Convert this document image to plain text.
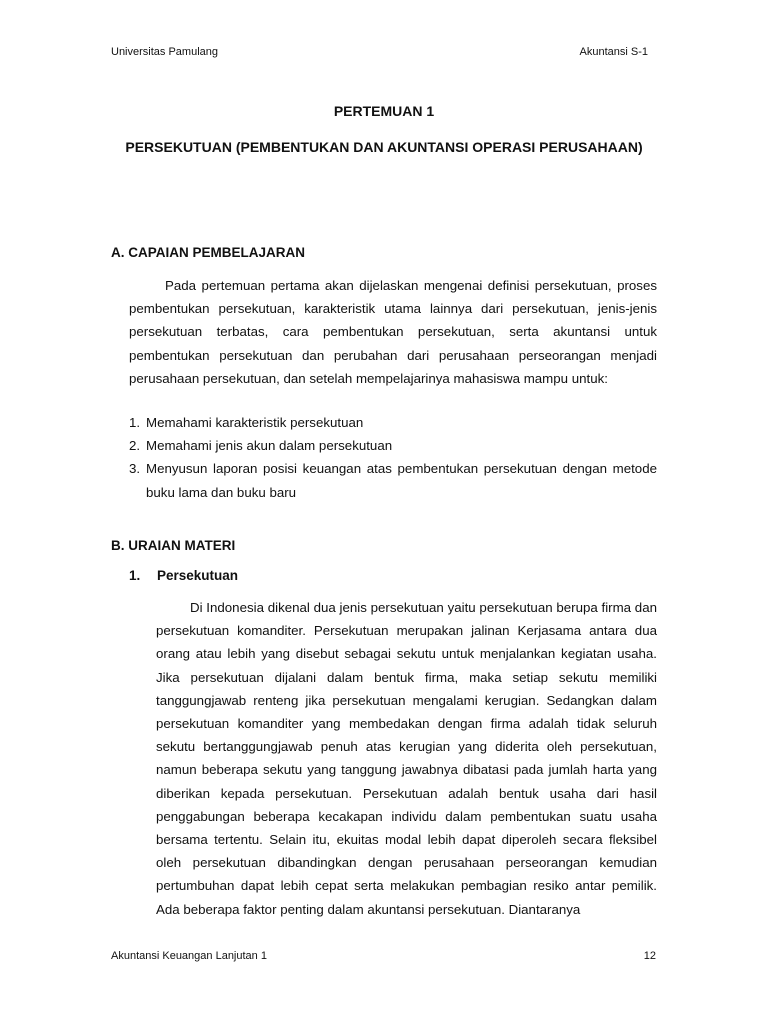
Universitas Pamulang	Akuntansi S-1
PERTEMUAN 1
PERSEKUTUAN (PEMBENTUKAN DAN AKUNTANSI OPERASI PERUSAHAAN)
A. CAPAIAN PEMBELAJARAN
Pada pertemuan pertama akan dijelaskan mengenai definisi persekutuan, proses pembentukan persekutuan, karakteristik utama lainnya dari persekutuan, jenis-jenis persekutuan terbatas, cara pembentukan persekutuan, serta akuntansi untuk pembentukan persekutuan dan perubahan dari perusahaan perseorangan menjadi perusahaan persekutuan, dan setelah mempelajarinya mahasiswa mampu untuk:
1. Memahami karakteristik persekutuan
2. Memahami jenis akun dalam persekutuan
3. Menyusun laporan posisi keuangan atas pembentukan persekutuan dengan metode buku lama dan buku baru
B. URAIAN MATERI
1. Persekutuan
Di Indonesia dikenal dua jenis persekutuan yaitu persekutuan berupa firma dan persekutuan komanditer. Persekutuan merupakan jalinan Kerjasama antara dua orang atau lebih yang disebut sebagai sekutu untuk menjalankan kegiatan usaha. Jika persekutuan dijalani dalam bentuk firma, maka setiap sekutu memiliki tanggungjawab renteng jika persekutuan mengalami kerugian. Sedangkan dalam persekutuan komanditer yang membedakan dengan firma adalah tidak seluruh sekutu bertanggungjawab penuh atas kerugian yang diderita oleh persekutuan, namun beberapa sekutu yang tanggung jawabnya dibatasi pada jumlah harta yang diberikan kepada persekutuan. Persekutuan adalah bentuk usaha dari hasil penggabungan beberapa kecakapan individu dalam pembentukan suatu usaha bersama tertentu. Selain itu, ekuitas modal lebih dapat diperoleh secara fleksibel oleh persekutuan dibandingkan dengan perusahaan perseorangan kemudian pertumbuhan dapat lebih cepat serta melakukan pembagian resiko antar pemilik. Ada beberapa faktor penting dalam akuntansi persekutuan. Diantaranya
Akuntansi Keuangan Lanjutan 1	12
